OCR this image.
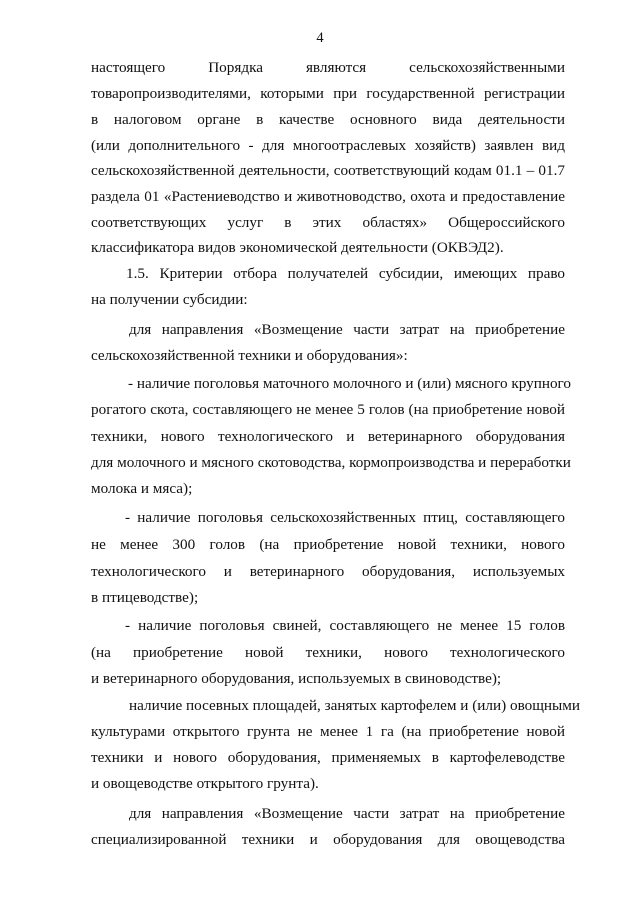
4
настоящего Порядка являются сельскохозяйственными
товаропроизводителями, которыми при государственной регистрации
в налоговом органе в качестве основного вида деятельности
(или дополнительного - для многоотраслевых хозяйств) заявлен вид
сельскохозяйственной деятельности, соответствующий кодам 01.1 – 01.7
раздела 01 «Растениеводство и животноводство, охота и предоставление
соответствующих услуг в этих областях» Общероссийского
классификатора видов экономической деятельности (ОКВЭД2).
1.5. Критерии отбора получателей субсидии, имеющих право
на получении субсидии:
для направления «Возмещение части затрат на приобретение
сельскохозяйственной техники и оборудования»:
- наличие поголовья маточного молочного и (или) мясного крупного
рогатого скота, составляющего не менее 5 голов (на приобретение новой
техники, нового технологического и ветеринарного оборудования
для молочного и мясного скотоводства, кормопроизводства и переработки
молока и мяса);
- наличие поголовья сельскохозяйственных птиц, составляющего
не менее 300 голов (на приобретение новой техники, нового
технологического и ветеринарного оборудования, используемых
в птицеводстве);
- наличие поголовья свиней, составляющего не менее 15 голов
(на приобретение новой техники, нового технологического
и ветеринарного оборудования, используемых в свиноводстве);
наличие посевных площадей, занятых картофелем и (или) овощными
культурами открытого грунта не менее 1 га (на приобретение новой
техники и нового оборудования, применяемых в картофелеводстве
и овощеводстве открытого грунта).
для направления «Возмещение части затрат на приобретение
специализированной техники и оборудования для овощеводства
